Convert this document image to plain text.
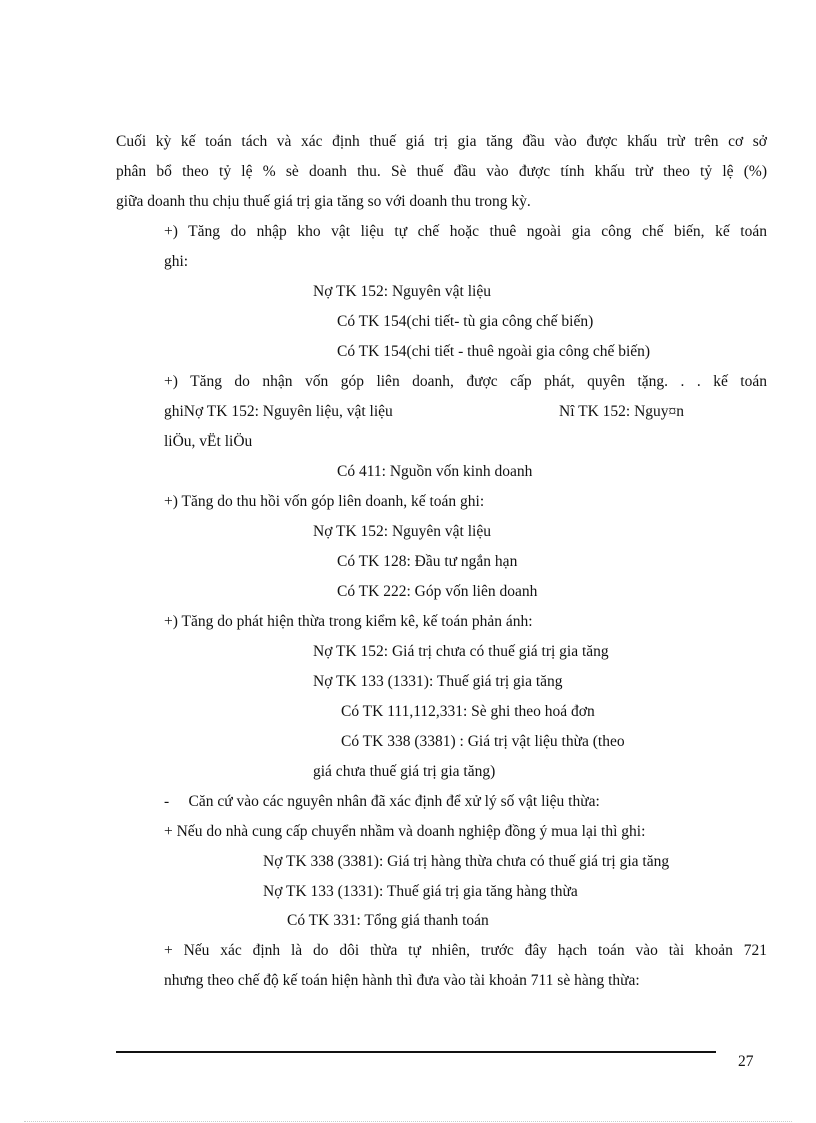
Cuối kỳ kế toán tách và xác định thuế giá trị gia tăng đầu vào được khấu trừ trên cơ sở
phân bổ theo tỷ lệ % sè doanh thu. Sè thuế đầu vào được tính khấu trừ theo tỷ lệ (%)
giữa doanh thu chịu thuế giá trị gia tăng so với doanh thu trong kỳ.
+) Tăng do nhập kho vật liệu tự chế hoặc thuê ngoài gia công chế biến, kế toán
ghi:
Nợ TK 152: Nguyên vật liệu
Có TK 154(chi tiết- tù gia công chế biến)
Có TK 154(chi tiết - thuê ngoài gia công chế biến)
+) Tăng do nhận vốn góp liên doanh, được cấp phát, quyên tặng. . . kế toán
ghiNợ TK 152: Nguyên liệu, vật liệu	Nî TK 152: Nguy¤n
liÖu, vËt liÖu
Có 411: Nguồn vốn kinh doanh
+) Tăng do thu hồi vốn góp liên doanh, kế toán ghi:
Nợ TK 152: Nguyên vật liệu
Có TK 128: Đầu tư ngắn hạn
Có TK 222: Góp vốn liên doanh
+) Tăng do phát hiện thừa trong kiểm kê, kế toán phản ánh:
Nợ TK 152: Giá trị chưa có thuế giá trị gia tăng
Nợ TK 133 (1331): Thuế giá trị gia tăng
Có TK 111,112,331: Sè ghi theo hoá đơn
Có TK 338 (3381) : Giá trị vật liệu thừa (theo
giá chưa thuế giá trị gia tăng)
-     Căn cứ vào các nguyên nhân đã xác định để xử lý số vật liệu thừa:
+ Nếu do nhà cung cấp chuyển nhầm và doanh nghiệp đồng ý mua lại thì ghi:
Nợ TK 338 (3381): Giá trị hàng thừa chưa có thuế giá trị gia tăng
Nợ TK 133 (1331): Thuế giá trị gia tăng hàng thừa
Có TK 331: Tổng giá thanh toán
+ Nếu xác định là do dôi thừa tự nhiên, trước đây hạch toán vào tài khoản 721
nhưng theo chế độ kế toán hiện hành thì đưa vào tài khoản 711 sè hàng thừa:
27
